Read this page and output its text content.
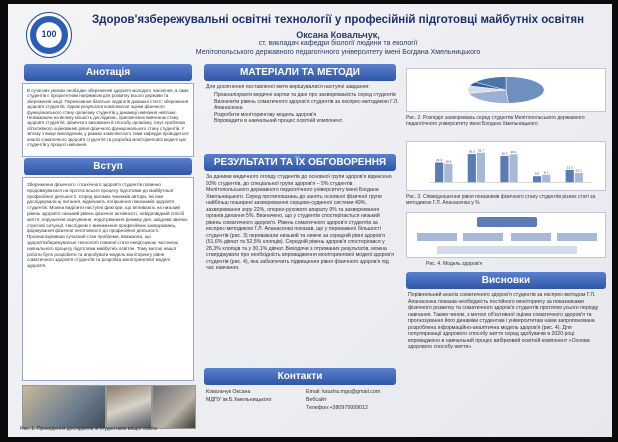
100
Здоров'язбережувальні освітні технології у професійній підготовці майбутніх освітян
Оксана Ковальчук,
ст. викладач кафедри біології людини та екології
Мелітопольського державного педагогічного університету імені Богдана Хмельницького
Анотація
В сучасних умовах необхідне збереження здоров'я молодого покоління, а саме студентів є пріоритетним напрямком для розвитку всього держави та збереження нації. Переконання багатьох педагогів домашні статті: збереження здоров'я студентів. Однак результати комплексної оцінки фізичного функціонального стану організму студентів у динаміці навчання невтішні. Незважаючи на велику кількість досліджень, присвячених вивченню стану здоров'я студентів, фізичного виховання й способу організму, існує проблема об'єктивного оцінювання рівня фізичного функціонального стану студентів. У зв'язку з вище викладеним, у рамках комплексного теми кафедри проводиться аналіз соматичного здоров'я студентів та розробка моніторингової моделі цих студентів у процесі навчання.
Вступ
Збереження фізичного і психічного здоров'я студентів повинно продовжуватися на протязі всього процесу підготовки до майбутньої професійної діяльності. Серед вагомих чинників автори, які вже досліджували ці питання, відмічають погіршення показників здоров'я студентів. Можна виділити наступні фактори, що впливають на низький рівень здоров'я: низький рівень фізичної активності, невідповідний спосіб життя, порушення харчування, недотримання режиму дня, шкідливі звички, стресові ситуації. Наслідком є виникнення професійних захворювань, формування фізичної неготовності до професійної діяльності. Проаналізувавши сучасний стан проблеми, вважаємо, що здоров'язбережувальні технології повинні стати невід'ємною частиною навчального процесу підготовки майбутніх освітян. Тому метою нашої роботи було розробити та апробувати модель моніторингу рівня соматичного здоров'я студентів та розробка моніторингової моделі здоров'я.
Рис. 1. Проведення досліджень зі студентами вищої освіти
МАТЕРІАЛИ ТА МЕТОДИ
Для досягнення поставленої мети вирішувалися наступні завдання:
• Проаналізувати медичні картки та дані про захворюваність серед студентів
• Визначити рівень соматичного здоров'я студентів за експрес-методикою Г.Л. Апанасенка
• Розробити моніторингову модель здоров'я
• Впровадити в навчальний процес освітній компонент.
РЕЗУЛЬТАТИ ТА ЇХ ОБГОВОРЕННЯ
За даними медичного огляду студентів до основної групи здоров'я віднесено 93% студентів, до спеціальної групи здоров'я – 5% студентів Мелітопольського державного педагогічного університету імені Богдана Хмельницького. Серед протипоказань до занять основної фізичної групи найбільш поширені захворювання серцево-судинної системи 49%, захворювання зору 22%, опорно-рухового апарату 9% та захворювання органів дихання 5%. Визначено, що у студентів спостерігається низький рівень соматичного здоров'я. Рівень соматичного здоров'я студентів за експрес-методикою Г.Л. Апанасенка показав, що у переважної більшості студентів (рис. 3) переважали низький та нижче за середній рівні здоров'я (51,6% дівчат та 52,5% хлопців). Середній рівень здоров'я спостерігався у 28,3% хлопців та у 30,1% дівчат. Виходячи з отриманих результатів, можна стверджувати про необхідність впровадження моніторингової моделі здоров'я студентів (рис. 4), яка забезпечить підвищення рівня фізичного здоров'я під час навчання.
Контакти
Ковальчук Оксана
МДПУ ім.Б.Хмельницького
Email: ksusha.mgu@gmail.com
Вебсайт
Телефон:+380979999012
Рис. 2. Розподіл захворювань серед студентів Мелітопольського державного педагогічного університету імені Богдана Хмельницького
21.3
30.3	28.3
6.6
13.3
19.9
31.7	30.1
8.1	10.1
Рис. 3. Співвідношення рівня показників фізичного стану студентів різних статі за методикою Г.Л. Апанасенка у %
Рис. 4. Модель здоров'я
Висновки
Порівняльний аналіз соматичного здоров'я студентів за експрес-методом Г.Л. Апанасенка показав необхідність постійного моніторингу за показниками фізичного розвитку та соматичного здоров'я студентів протягом усього періоду навчання. Таким чином, з метою об'єктивної оцінки соматичного здоров'я та прогнозування його динаміки студентам і університетам нами запропонована розроблена інформаційно-аналітична модель здоров'я (рис. 4). Для популяризації здорового способу життя серед здобувачів в 2020 році впроваджено в навчальний процес вибірковий освітній компонент «Основи здорового способу життя».
